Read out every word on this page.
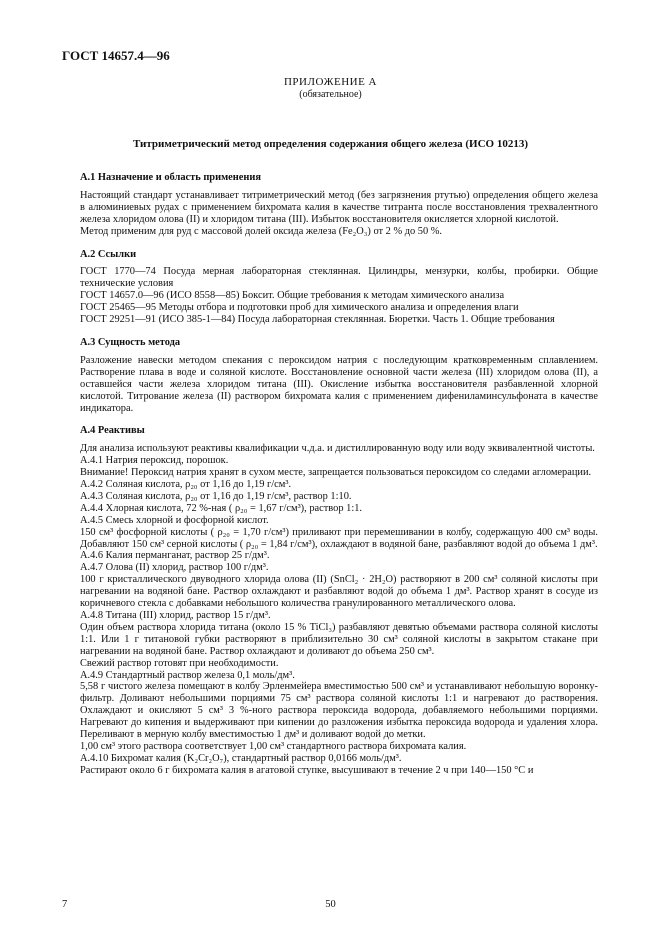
ГОСТ 14657.4—96
ПРИЛОЖЕНИЕ А
(обязательное)
Титриметрический метод определения содержания общего железа (ИСО 10213)
А.1 Назначение и область применения

Настоящий стандарт устанавливает титриметрический метод (без загрязнения ртутью) определения общего железа в алюминиевых рудах с применением бихромата калия в качестве титранта после восстановления трехвалентного железа хлоридом олова (II) и хлоридом титана (III). Избыток восстановителя окисляется хлорной кислотой.

Метод применим для руд с массовой долей оксида железа (Fe₂O₃) от 2 % до 50 %.

А.2 Ссылки

ГОСТ 1770—74 Посуда мерная лабораторная стеклянная. Цилиндры, мензурки, колбы, пробирки. Общие технические условия

ГОСТ 14657.0—96 (ИСО 8558—85) Боксит. Общие требования к методам химического анализа

ГОСТ 25465—95 Методы отбора и подготовки проб для химического анализа и определения влаги

ГОСТ 29251—91 (ИСО 385-1—84) Посуда лабораторная стеклянная. Бюретки. Часть 1. Общие требования

А.3 Сущность метода

Разложение навески методом спекания с пероксидом натрия с последующим кратковременным сплавлением. Растворение плава в воде и соляной кислоте. Восстановление основной части железа (III) хлоридом олова (II), а оставшейся части железа хлоридом титана (III). Окисление избытка восстановителя разбавленной хлорной кислотой. Титрование железа (II) раствором бихромата калия с применением дифениламинсульфоната в качестве индикатора.

А.4 Реактивы

Для анализа используют реактивы квалификации ч.д.а. и дистиллированную воду или воду эквивалентной чистоты.

А.4.1 Натрия пероксид, порошок.

Внимание! Пероксид натрия хранят в сухом месте, запрещается пользоваться пероксидом со следами агломерации.

А.4.2 Соляная кислота, ρ₂₀ от 1,16 до 1,19 г/см³.

А.4.3 Соляная кислота, ρ₂₀ от 1,16 до 1,19 г/см³, раствор 1:10.

А.4.4 Хлорная кислота, 72 %-ная ( ρ₂₀ = 1,67 г/см³), раствор 1:1.

А.4.5 Смесь хлорной и фосфорной кислот.

150 см³ фосфорной кислоты ( ρ₂₀ = 1,70 г/см³) приливают при перемешивании в колбу, содержащую 400 см³ воды. Добавляют 150 см³ серной кислоты ( ρ₂₀ = 1,84 г/см³), охлаждают в водяной бане, разбавляют водой до объема 1 дм³.

А.4.6 Калия перманганат, раствор 25 г/дм³.

А.4.7 Олова (II) хлорид, раствор 100 г/дм³.

100 г кристаллического двуводного хлорида олова (II) (SnCl₂ · 2H₂O) растворяют в 200 см³ соляной кислоты при нагревании на водяной бане. Раствор охлаждают и разбавляют водой до объема 1 дм³. Раствор хранят в сосуде из коричневого стекла с добавками небольшого количества гранулированного металлического олова.

А.4.8 Титана (III) хлорид, раствор 15 г/дм³.

Один объем раствора хлорида титана (около 15 % TiCl₃) разбавляют девятью объемами раствора соляной кислоты 1:1. Или 1 г титановой губки растворяют в приблизительно 30 см³ соляной кислоты в закрытом стакане при нагревании на водяной бане. Раствор охлаждают и доливают до объема 250 см³.

Свежий раствор готовят при необходимости.

А.4.9 Стандартный раствор железа 0,1 моль/дм³.

5,58 г чистого железа помещают в колбу Эрленмейера вместимостью 500 см³ и устанавливают небольшую воронку-фильтр. Доливают небольшими порциями 75 см³ раствора соляной кислоты 1:1 и нагревают до растворения. Охлаждают и окисляют 5 см³ 3 %-ного раствора пероксида водорода, добавляемого небольшими порциями. Нагревают до кипения и выдерживают при кипении до разложения избытка пероксида водорода и удаления хлора. Переливают в мерную колбу вместимостью 1 дм³ и доливают водой до метки.

1,00 см³ этого раствора соответствует 1,00 см³ стандартного раствора бихромата калия.

А.4.10 Бихромат калия (K₂Cr₂O₇), стандартный раствор 0,0166 моль/дм³.

Растирают около 6 г бихромата калия в агатовой ступке, высушивают в течение 2 ч при 140—150 °С и

7	50
